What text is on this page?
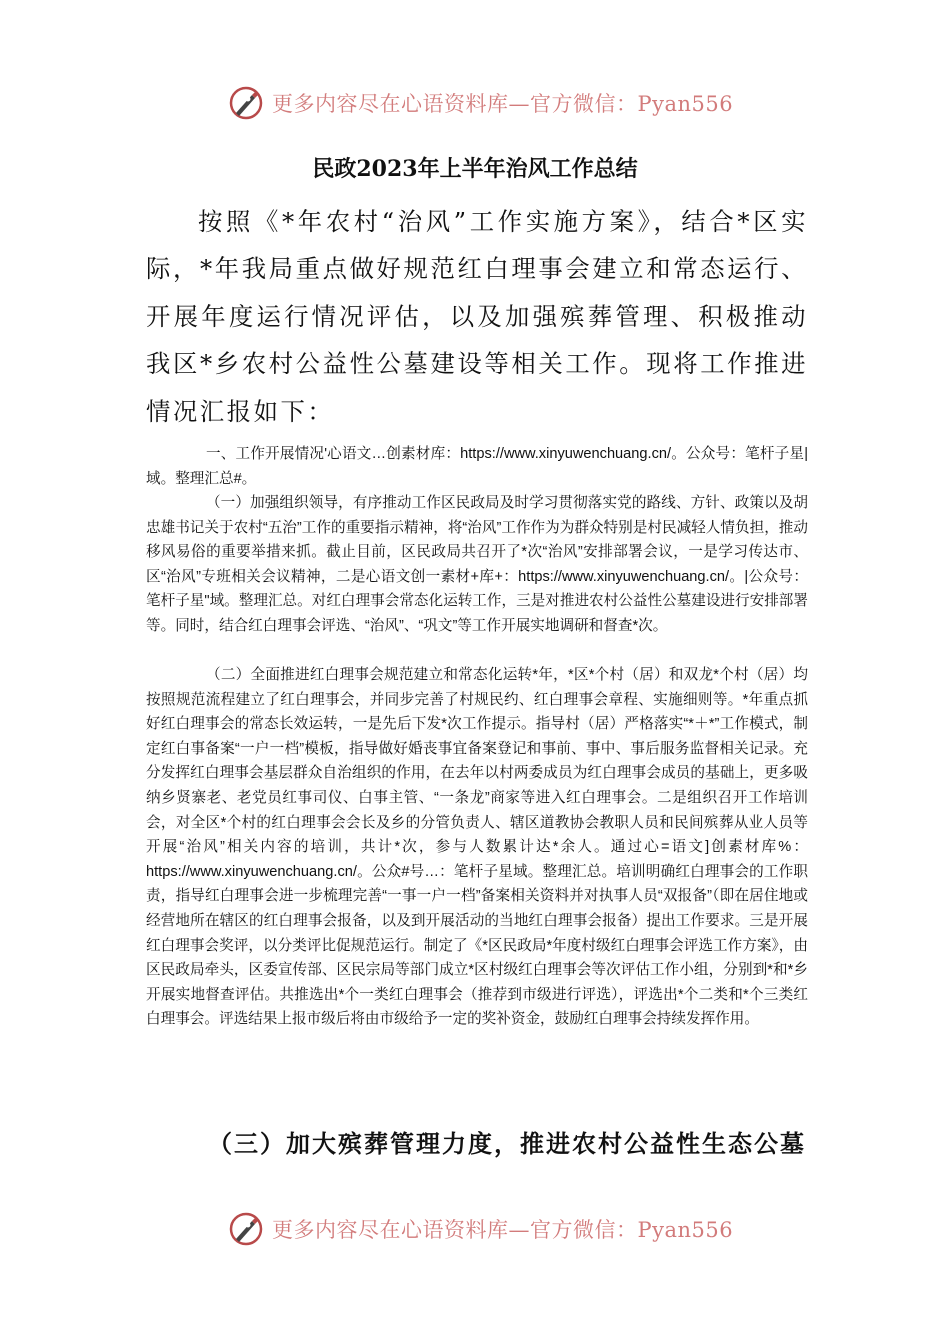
更多内容尽在心语资料库—官方微信：Pyan556
民政2023年上半年治风工作总结

按照《*年农村“治风”工作实施方案》，结合*区实际，*年我局重点做好规范红白理事会建立和常态运行、开展年度运行情况评估，以及加强殡葬管理、积极推动我区*乡农村公益性公墓建设等相关工作。现将工作推进情况汇报如下：

一、工作开展情况'心语文…创素材库：https://www.xinyuwenchuang.cn/。公众号：笔杆子星|域。整理汇总#。

（一）加强组织领导，有序推动工作区民政局及时学习贯彻落实党的路线、方针、政策以及胡忠雄书记关于农村“五治”工作的重要指示精神，将“治风”工作作为为群众特别是村民减轻人情负担，推动移风易俗的重要举措来抓。截止目前，区民政局共召开了*次“治风”安排部署会议，一是学习传达市、区“治风”专班相关会议精神，二是心语文创一素材+库+：https://www.xinyuwenchuang.cn/。|公众号：笔杆子星"域。整理汇总。对红白理事会常态化运转工作，三是对推进农村公益性公墓建设进行安排部署等。同时，结合红白理事会评选、“治风”、“巩文”等工作开展实地调研和督查*次。

（二）全面推进红白理事会规范建立和常态化运转*年，*区*个村（居）和双龙*个村（居）均按照规范流程建立了红白理事会，并同步完善了村规民约、红白理事会章程、实施细则等。*年重点抓好红白理事会的常态长效运转，一是先后下发*次工作提示。指导村（居）严格落实“*＋*”工作模式，制定红白事备案“一户一档”模板，指导做好婚丧事宜备案登记和事前、事中、事后服务监督相关记录。充分发挥红白理事会基层群众自治组织的作用，在去年以村两委成员为红白理事会成员的基础上，更多吸纳乡贤寨老、老党员红事司仪、白事主管、“一条龙”商家等进入红白理事会。二是组织召开工作培训会，对全区*个村的红白理事会会长及乡的分管负责人、辖区道教协会教职人员和民间殡葬从业人员等开展“治风”相关内容的培训，共计*次，参与人数累计达*余人。通过心=语文]创素材库%：https://www.xinyuwenchuang.cn/。公众#号…：笔杆子星域。整理汇总。培训明确红白理事会的工作职责，指导红白理事会进一步梳理完善“一事一户一档”备案相关资料并对执事人员“双报备”（即在居住地或经营地所在辖区的红白理事会报备，以及到开展活动的当地红白理事会报备）提出工作要求。三是开展红白理事会奖评，以分类评比促规范运行。制定了《*区民政局*年度村级红白理事会评选工作方案》，由区民政局牵头，区委宣传部、区民宗局等部门成立*区村级红白理事会等次评估工作小组，分别到*和*乡开展实地督查评估。共推选出*个一类红白理事会（推荐到市级进行评选），评选出*个二类和*个三类红白理事会。评选结果上报市级后将由市级给予一定的奖补资金，鼓励红白理事会持续发挥作用。

（三）加大殡葬管理力度，推进农村公益性生态公墓

更多内容尽在心语资料库—官方微信：Pyan556
